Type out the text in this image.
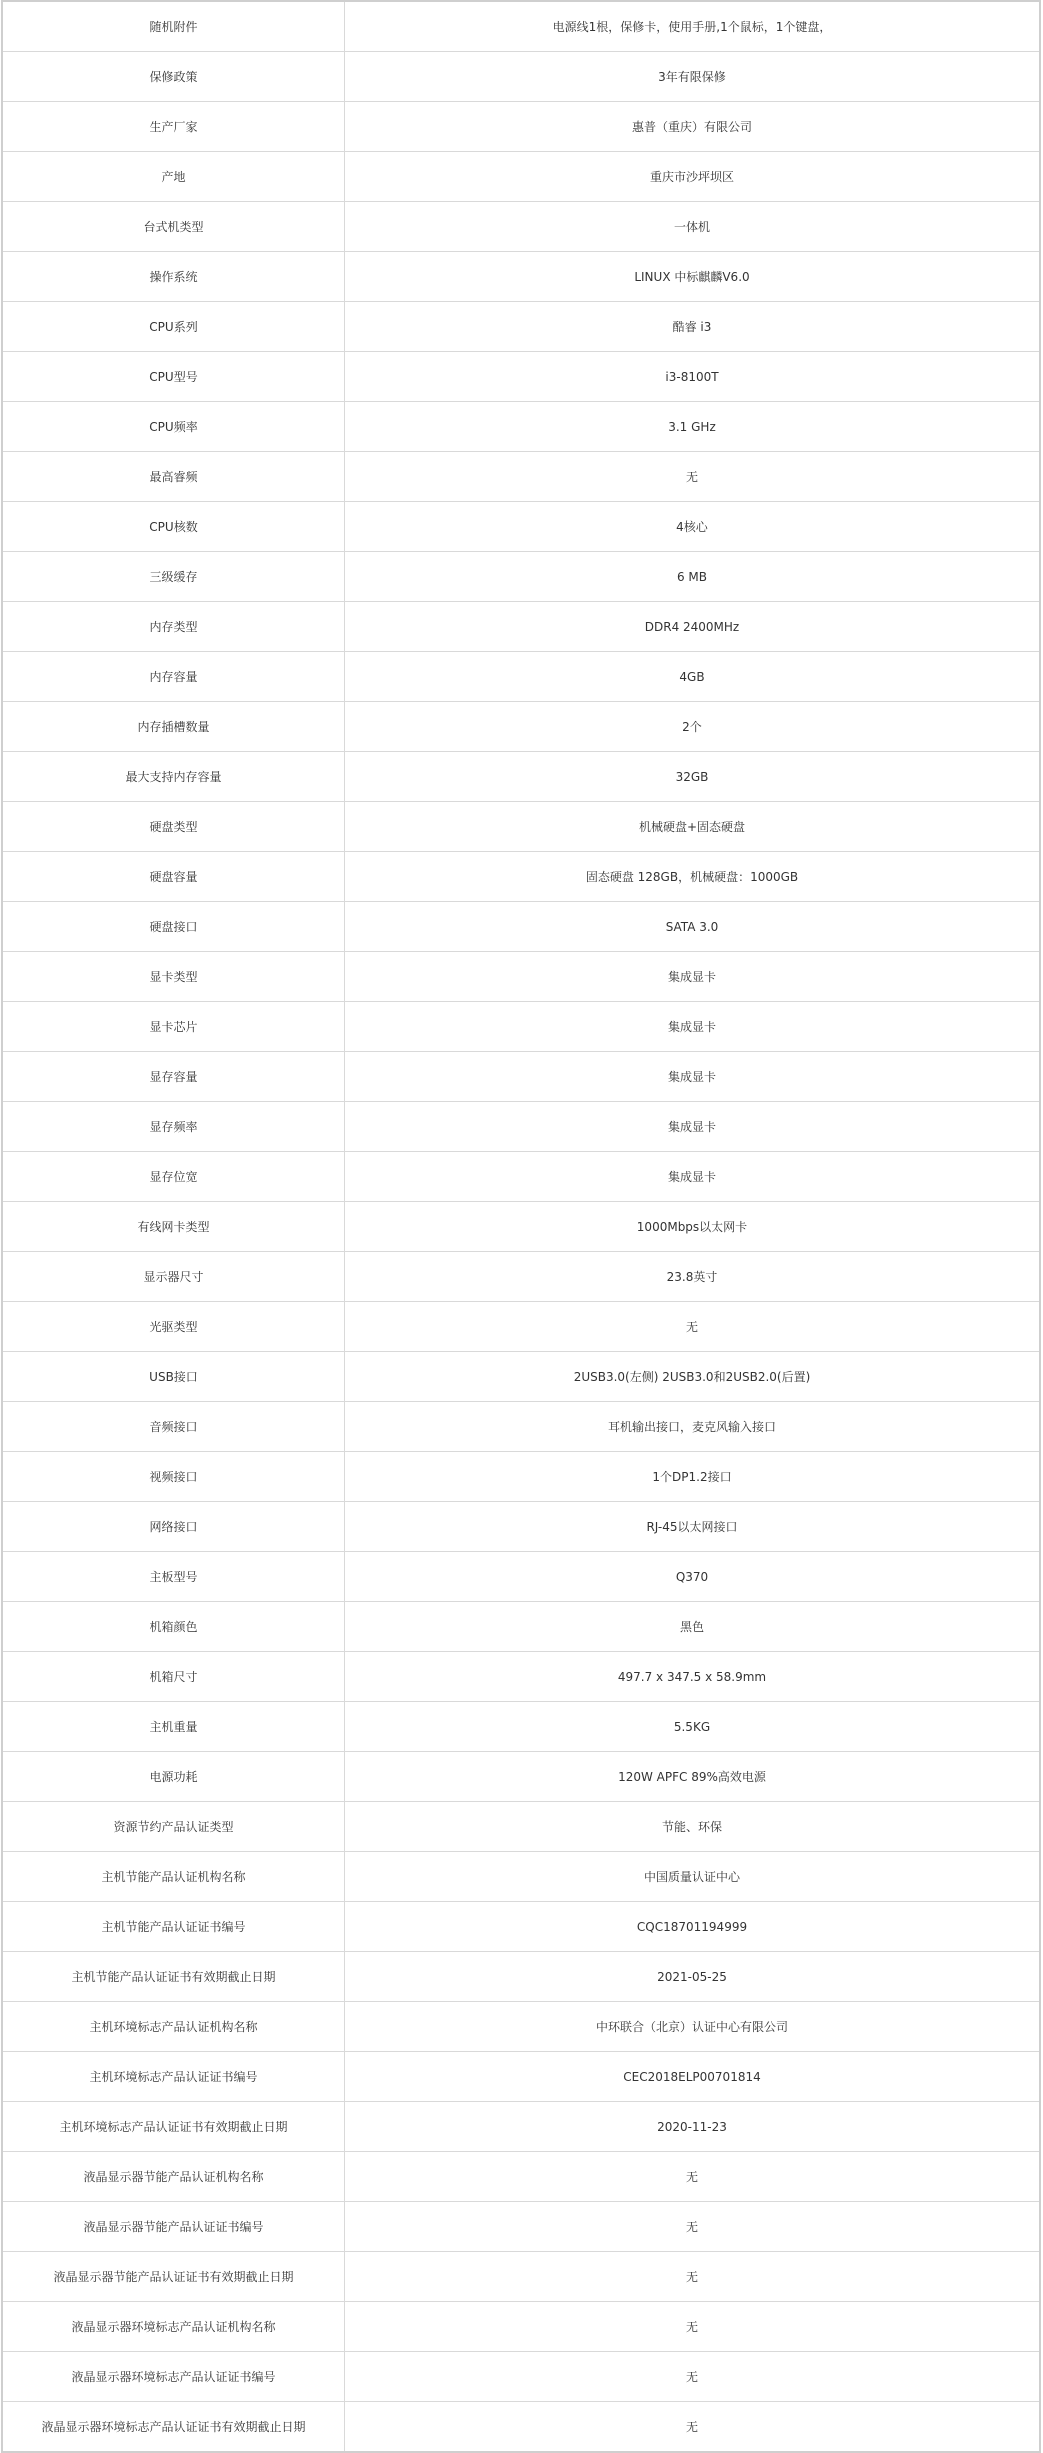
随机附件	电源线1根，保修卡，使用手册,1个鼠标，1个键盘，
保修政策	3年有限保修
生产厂家	惠普（重庆）有限公司
产地	重庆市沙坪坝区
台式机类型	一体机
操作系统	LINUX 中标麒麟V6.0
CPU系列	酷睿 i3
CPU型号	i3-8100T
CPU频率	3.1 GHz
最高睿频	无
CPU核数	4核心
三级缓存	6 MB
内存类型	DDR4 2400MHz
内存容量	4GB
内存插槽数量	2个
最大支持内存容量	32GB
硬盘类型	机械硬盘+固态硬盘
硬盘容量	固态硬盘 128GB，机械硬盘：1000GB
硬盘接口	SATA 3.0
显卡类型	集成显卡
显卡芯片	集成显卡
显存容量	集成显卡
显存频率	集成显卡
显存位宽	集成显卡
有线网卡类型	1000Mbps以太网卡
显示器尺寸	23.8英寸
光驱类型	无
USB接口	2USB3.0(左侧) 2USB3.0和2USB2.0(后置)
音频接口	耳机输出接口，麦克风输入接口
视频接口	1个DP1.2接口
网络接口	RJ-45以太网接口
主板型号	Q370
机箱颜色	黑色
机箱尺寸	497.7 x 347.5 x 58.9mm
主机重量	5.5KG
电源功耗	120W APFC 89%高效电源
资源节约产品认证类型	节能、环保
主机节能产品认证机构名称	中国质量认证中心
主机节能产品认证证书编号	CQC18701194999
主机节能产品认证证书有效期截止日期	2021-05-25
主机环境标志产品认证机构名称	中环联合（北京）认证中心有限公司
主机环境标志产品认证证书编号	CEC2018ELP00701814
主机环境标志产品认证证书有效期截止日期	2020-11-23
液晶显示器节能产品认证机构名称	无
液晶显示器节能产品认证证书编号	无
液晶显示器节能产品认证证书有效期截止日期	无
液晶显示器环境标志产品认证机构名称	无
液晶显示器环境标志产品认证证书编号	无
液晶显示器环境标志产品认证证书有效期截止日期	无
